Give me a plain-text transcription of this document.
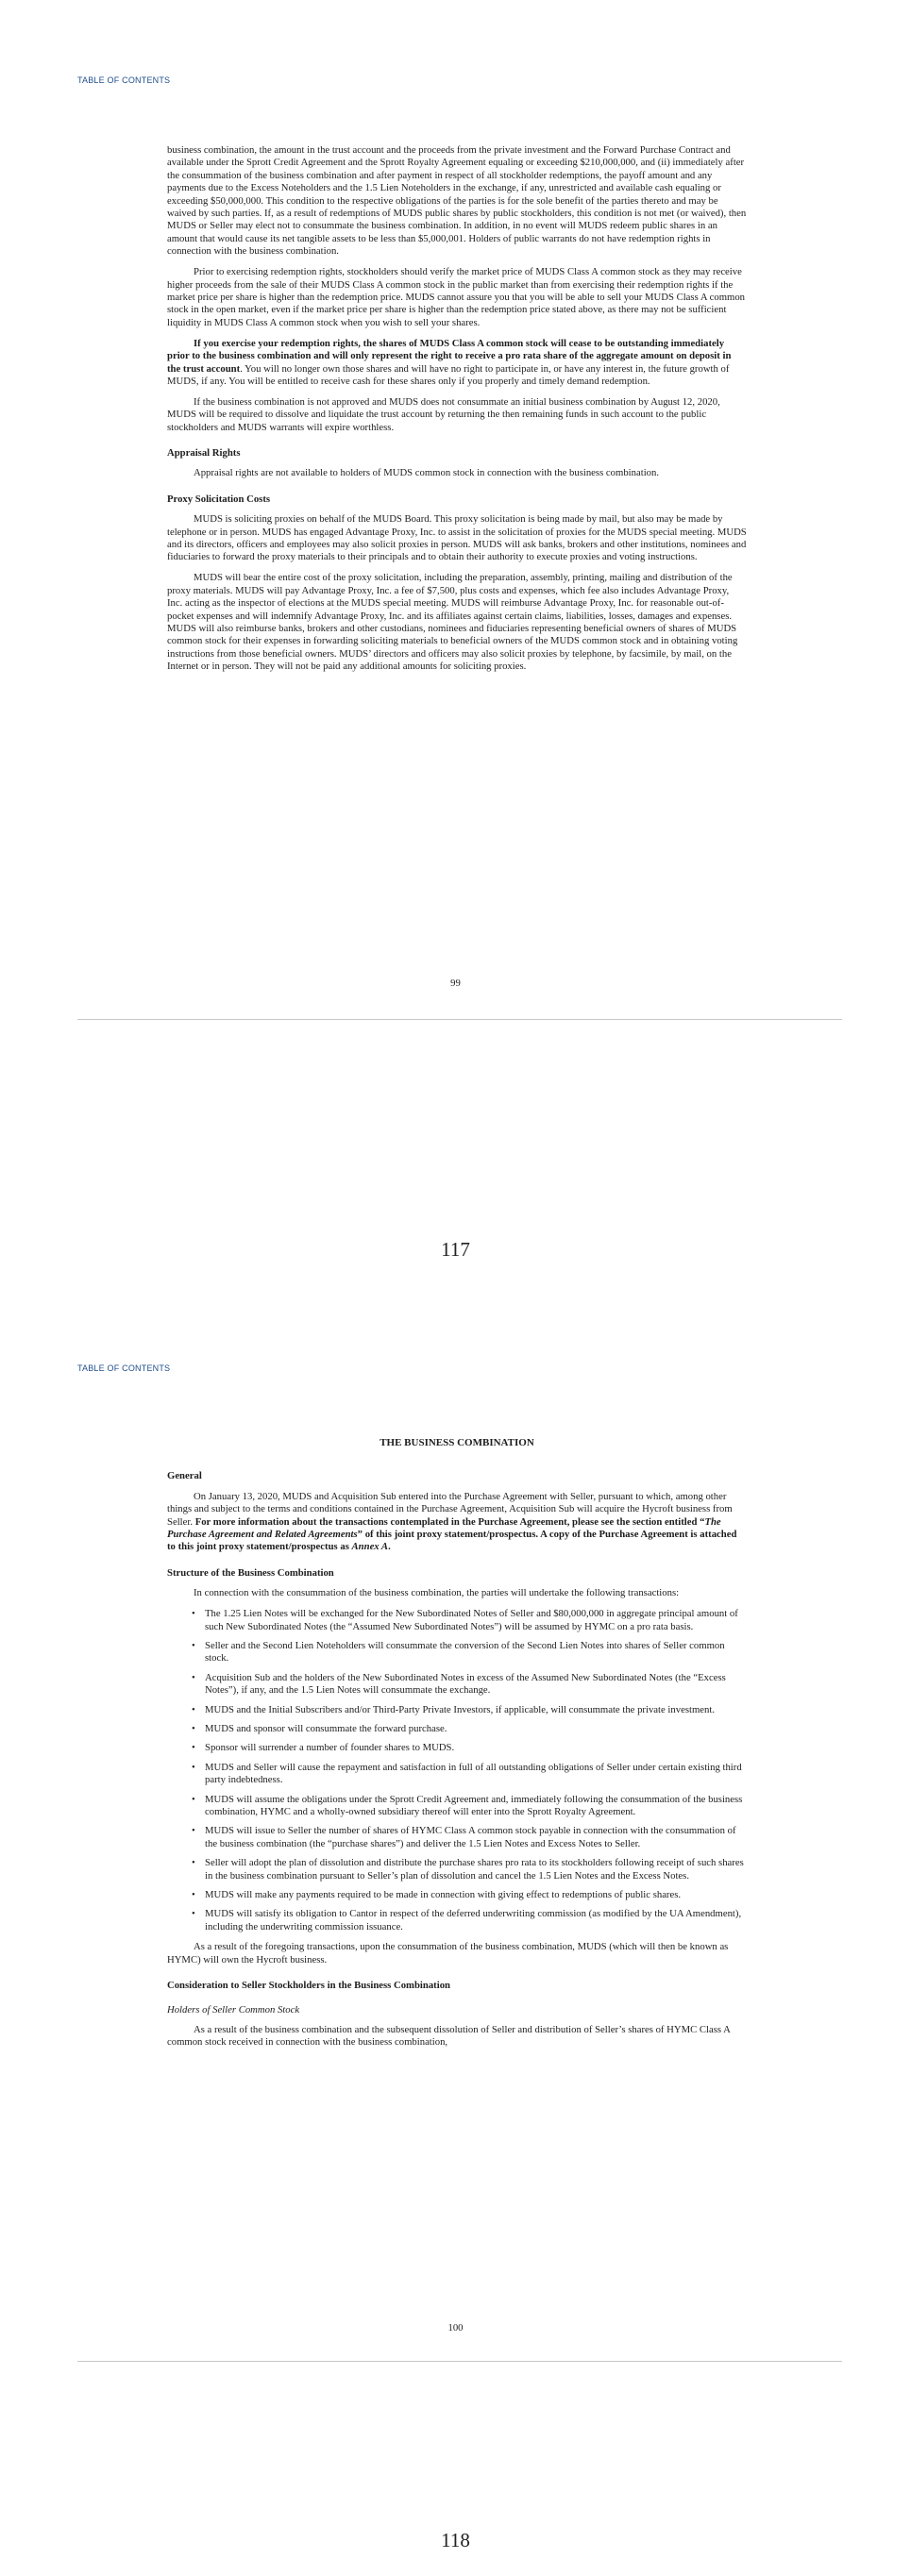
TABLE OF CONTENTS

business combination, the amount in the trust account and the proceeds from the private investment and the Forward Purchase Contract and available under the Sprott Credit Agreement and the Sprott Royalty Agreement equaling or exceeding $210,000,000, and (ii) immediately after the consummation of the business combination and after payment in respect of all stockholder redemptions, the payoff amount and any payments due to the Excess Noteholders and the 1.5 Lien Noteholders in the exchange, if any, unrestricted and available cash equaling or exceeding $50,000,000. This condition to the respective obligations of the parties is for the sole benefit of the parties thereto and may be waived by such parties. If, as a result of redemptions of MUDS public shares by public stockholders, this condition is not met (or waived), then MUDS or Seller may elect not to consummate the business combination. In addition, in no event will MUDS redeem public shares in an amount that would cause its net tangible assets to be less than $5,000,001. Holders of public warrants do not have redemption rights in connection with the business combination.

Prior to exercising redemption rights, stockholders should verify the market price of MUDS Class A common stock as they may receive higher proceeds from the sale of their MUDS Class A common stock in the public market than from exercising their redemption rights if the market price per share is higher than the redemption price. MUDS cannot assure you that you will be able to sell your MUDS Class A common stock in the open market, even if the market price per share is higher than the redemption price stated above, as there may not be sufficient liquidity in MUDS Class A common stock when you wish to sell your shares.

If you exercise your redemption rights, the shares of MUDS Class A common stock will cease to be outstanding immediately prior to the business combination and will only represent the right to receive a pro rata share of the aggregate amount on deposit in the trust account. You will no longer own those shares and will have no right to participate in, or have any interest in, the future growth of MUDS, if any. You will be entitled to receive cash for these shares only if you properly and timely demand redemption.

If the business combination is not approved and MUDS does not consummate an initial business combination by August 12, 2020, MUDS will be required to dissolve and liquidate the trust account by returning the then remaining funds in such account to the public stockholders and MUDS warrants will expire worthless.

Appraisal Rights

Appraisal rights are not available to holders of MUDS common stock in connection with the business combination.

Proxy Solicitation Costs

MUDS is soliciting proxies on behalf of the MUDS Board. This proxy solicitation is being made by mail, but also may be made by telephone or in person. MUDS has engaged Advantage Proxy, Inc. to assist in the solicitation of proxies for the MUDS special meeting. MUDS and its directors, officers and employees may also solicit proxies in person. MUDS will ask banks, brokers and other institutions, nominees and fiduciaries to forward the proxy materials to their principals and to obtain their authority to execute proxies and voting instructions.

MUDS will bear the entire cost of the proxy solicitation, including the preparation, assembly, printing, mailing and distribution of the proxy materials. MUDS will pay Advantage Proxy, Inc. a fee of $7,500, plus costs and expenses, which fee also includes Advantage Proxy, Inc. acting as the inspector of elections at the MUDS special meeting. MUDS will reimburse Advantage Proxy, Inc. for reasonable out-of-pocket expenses and will indemnify Advantage Proxy, Inc. and its affiliates against certain claims, liabilities, losses, damages and expenses. MUDS will also reimburse banks, brokers and other custodians, nominees and fiduciaries representing beneficial owners of shares of MUDS common stock for their expenses in forwarding soliciting materials to beneficial owners of the MUDS common stock and in obtaining voting instructions from those beneficial owners. MUDS’ directors and officers may also solicit proxies by telephone, by facsimile, by mail, on the Internet or in person. They will not be paid any additional amounts for soliciting proxies.

99
117
TABLE OF CONTENTS
THE BUSINESS COMBINATION
General

On January 13, 2020, MUDS and Acquisition Sub entered into the Purchase Agreement with Seller, pursuant to which, among other things and subject to the terms and conditions contained in the Purchase Agreement, Acquisition Sub will acquire the Hycroft business from Seller. For more information about the transactions contemplated in the Purchase Agreement, please see the section entitled “The Purchase Agreement and Related Agreements” of this joint proxy statement/prospectus. A copy of the Purchase Agreement is attached to this joint proxy statement/prospectus as Annex A.

Structure of the Business Combination

In connection with the consummation of the business combination, the parties will undertake the following transactions:

• The 1.25 Lien Notes will be exchanged for the New Subordinated Notes of Seller and $80,000,000 in aggregate principal amount of such New Subordinated Notes (the “Assumed New Subordinated Notes”) will be assumed by HYMC on a pro rata basis.
• Seller and the Second Lien Noteholders will consummate the conversion of the Second Lien Notes into shares of Seller common stock.
• Acquisition Sub and the holders of the New Subordinated Notes in excess of the Assumed New Subordinated Notes (the “Excess Notes”), if any, and the 1.5 Lien Notes will consummate the exchange.
• MUDS and the Initial Subscribers and/or Third-Party Private Investors, if applicable, will consummate the private investment.
• MUDS and sponsor will consummate the forward purchase.
• Sponsor will surrender a number of founder shares to MUDS.
• MUDS and Seller will cause the repayment and satisfaction in full of all outstanding obligations of Seller under certain existing third party indebtedness.
• MUDS will assume the obligations under the Sprott Credit Agreement and, immediately following the consummation of the business combination, HYMC and a wholly-owned subsidiary thereof will enter into the Sprott Royalty Agreement.
• MUDS will issue to Seller the number of shares of HYMC Class A common stock payable in connection with the consummation of the business combination (the “purchase shares”) and deliver the 1.5 Lien Notes and Excess Notes to Seller.
• Seller will adopt the plan of dissolution and distribute the purchase shares pro rata to its stockholders following receipt of such shares in the business combination pursuant to Seller’s plan of dissolution and cancel the 1.5 Lien Notes and the Excess Notes.
• MUDS will make any payments required to be made in connection with giving effect to redemptions of public shares.
• MUDS will satisfy its obligation to Cantor in respect of the deferred underwriting commission (as modified by the UA Amendment), including the underwriting commission issuance.

As a result of the foregoing transactions, upon the consummation of the business combination, MUDS (which will then be known as HYMC) will own the Hycroft business.

Consideration to Seller Stockholders in the Business Combination
Holders of Seller Common Stock

As a result of the business combination and the subsequent dissolution of Seller and distribution of Seller’s shares of HYMC Class A common stock received in connection with the business combination,

100
118
